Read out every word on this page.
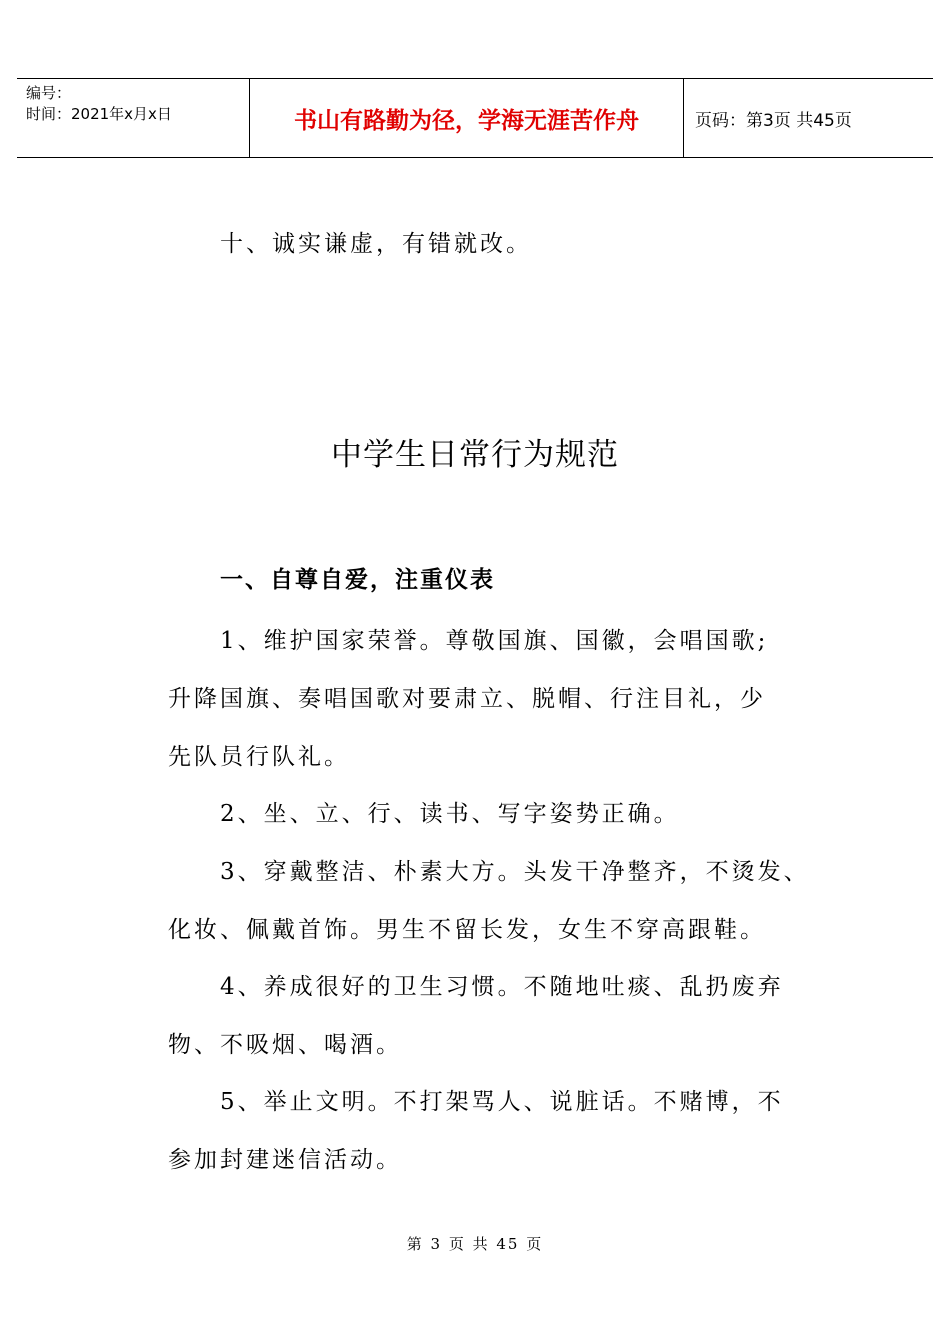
编号：
时间：2021年x月x日	书山有路勤为径，学海无涯苦作舟	页码：第3页 共45页
十、诚实谦虚，有错就改。
中学生日常行为规范
一、自尊自爱，注重仪表
1、维护国家荣誉。尊敬国旗、国徽，会唱国歌;
升降国旗、奏唱国歌对要肃立、脱帽、行注目礼，少
先队员行队礼。
2、坐、立、行、读书、写字姿势正确。
3、穿戴整洁、朴素大方。头发干净整齐，不烫发、
化妆、佩戴首饰。男生不留长发，女生不穿高跟鞋。
4、养成很好的卫生习惯。不随地吐痰、乱扔废弃
物、不吸烟、喝酒。
5、举止文明。不打架骂人、说脏话。不赌博，不
参加封建迷信活动。
第 3 页 共 45 页
